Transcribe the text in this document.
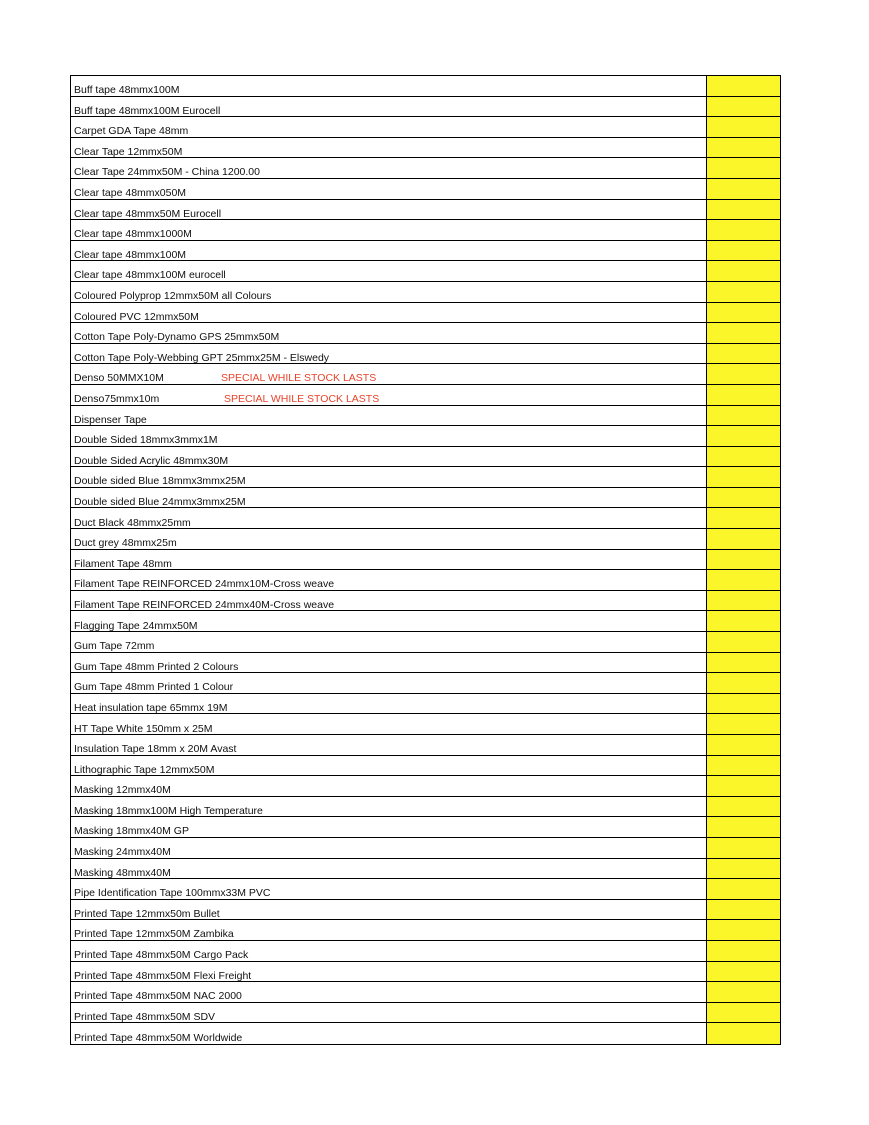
Buff tape 48mmx100M
Buff tape 48mmx100M Eurocell
Carpet GDA Tape 48mm
Clear Tape 12mmx50M
Clear Tape 24mmx50M - China 1200.00
Clear tape 48mmx050M
Clear tape 48mmx50M Eurocell
Clear tape 48mmx1000M
Clear tape 48mmx100M
Clear tape 48mmx100M eurocell
Coloured Polyprop 12mmx50M all Colours
Coloured PVC 12mmx50M
Cotton Tape Poly-Dynamo GPS 25mmx50M
Cotton Tape Poly-Webbing GPT 25mmx25M - Elswedy
Denso 50MMX10M	SPECIAL WHILE STOCK LASTS
Denso75mmx10m	SPECIAL WHILE STOCK LASTS
Dispenser Tape
Double Sided 18mmx3mmx1M
Double Sided Acrylic 48mmx30M
Double sided Blue 18mmx3mmx25M
Double sided Blue 24mmx3mmx25M
Duct Black 48mmx25mm
Duct grey 48mmx25m
Filament Tape 48mm
Filament Tape REINFORCED 24mmx10M-Cross weave
Filament Tape REINFORCED 24mmx40M-Cross weave
Flagging Tape 24mmx50M
Gum Tape 72mm
Gum Tape 48mm Printed 2 Colours
Gum Tape 48mm Printed 1 Colour
Heat insulation tape 65mmx 19M
HT Tape White 150mm x 25M
Insulation Tape 18mm x 20M Avast
Lithographic Tape 12mmx50M
Masking 12mmx40M
Masking 18mmx100M High Temperature
Masking 18mmx40M GP
Masking 24mmx40M
Masking 48mmx40M
Pipe Identification Tape 100mmx33M PVC
Printed Tape 12mmx50m Bullet
Printed Tape 12mmx50M Zambika
Printed Tape 48mmx50M Cargo Pack
Printed Tape 48mmx50M Flexi Freight
Printed Tape 48mmx50M NAC 2000
Printed Tape 48mmx50M SDV
Printed Tape 48mmx50M Worldwide
